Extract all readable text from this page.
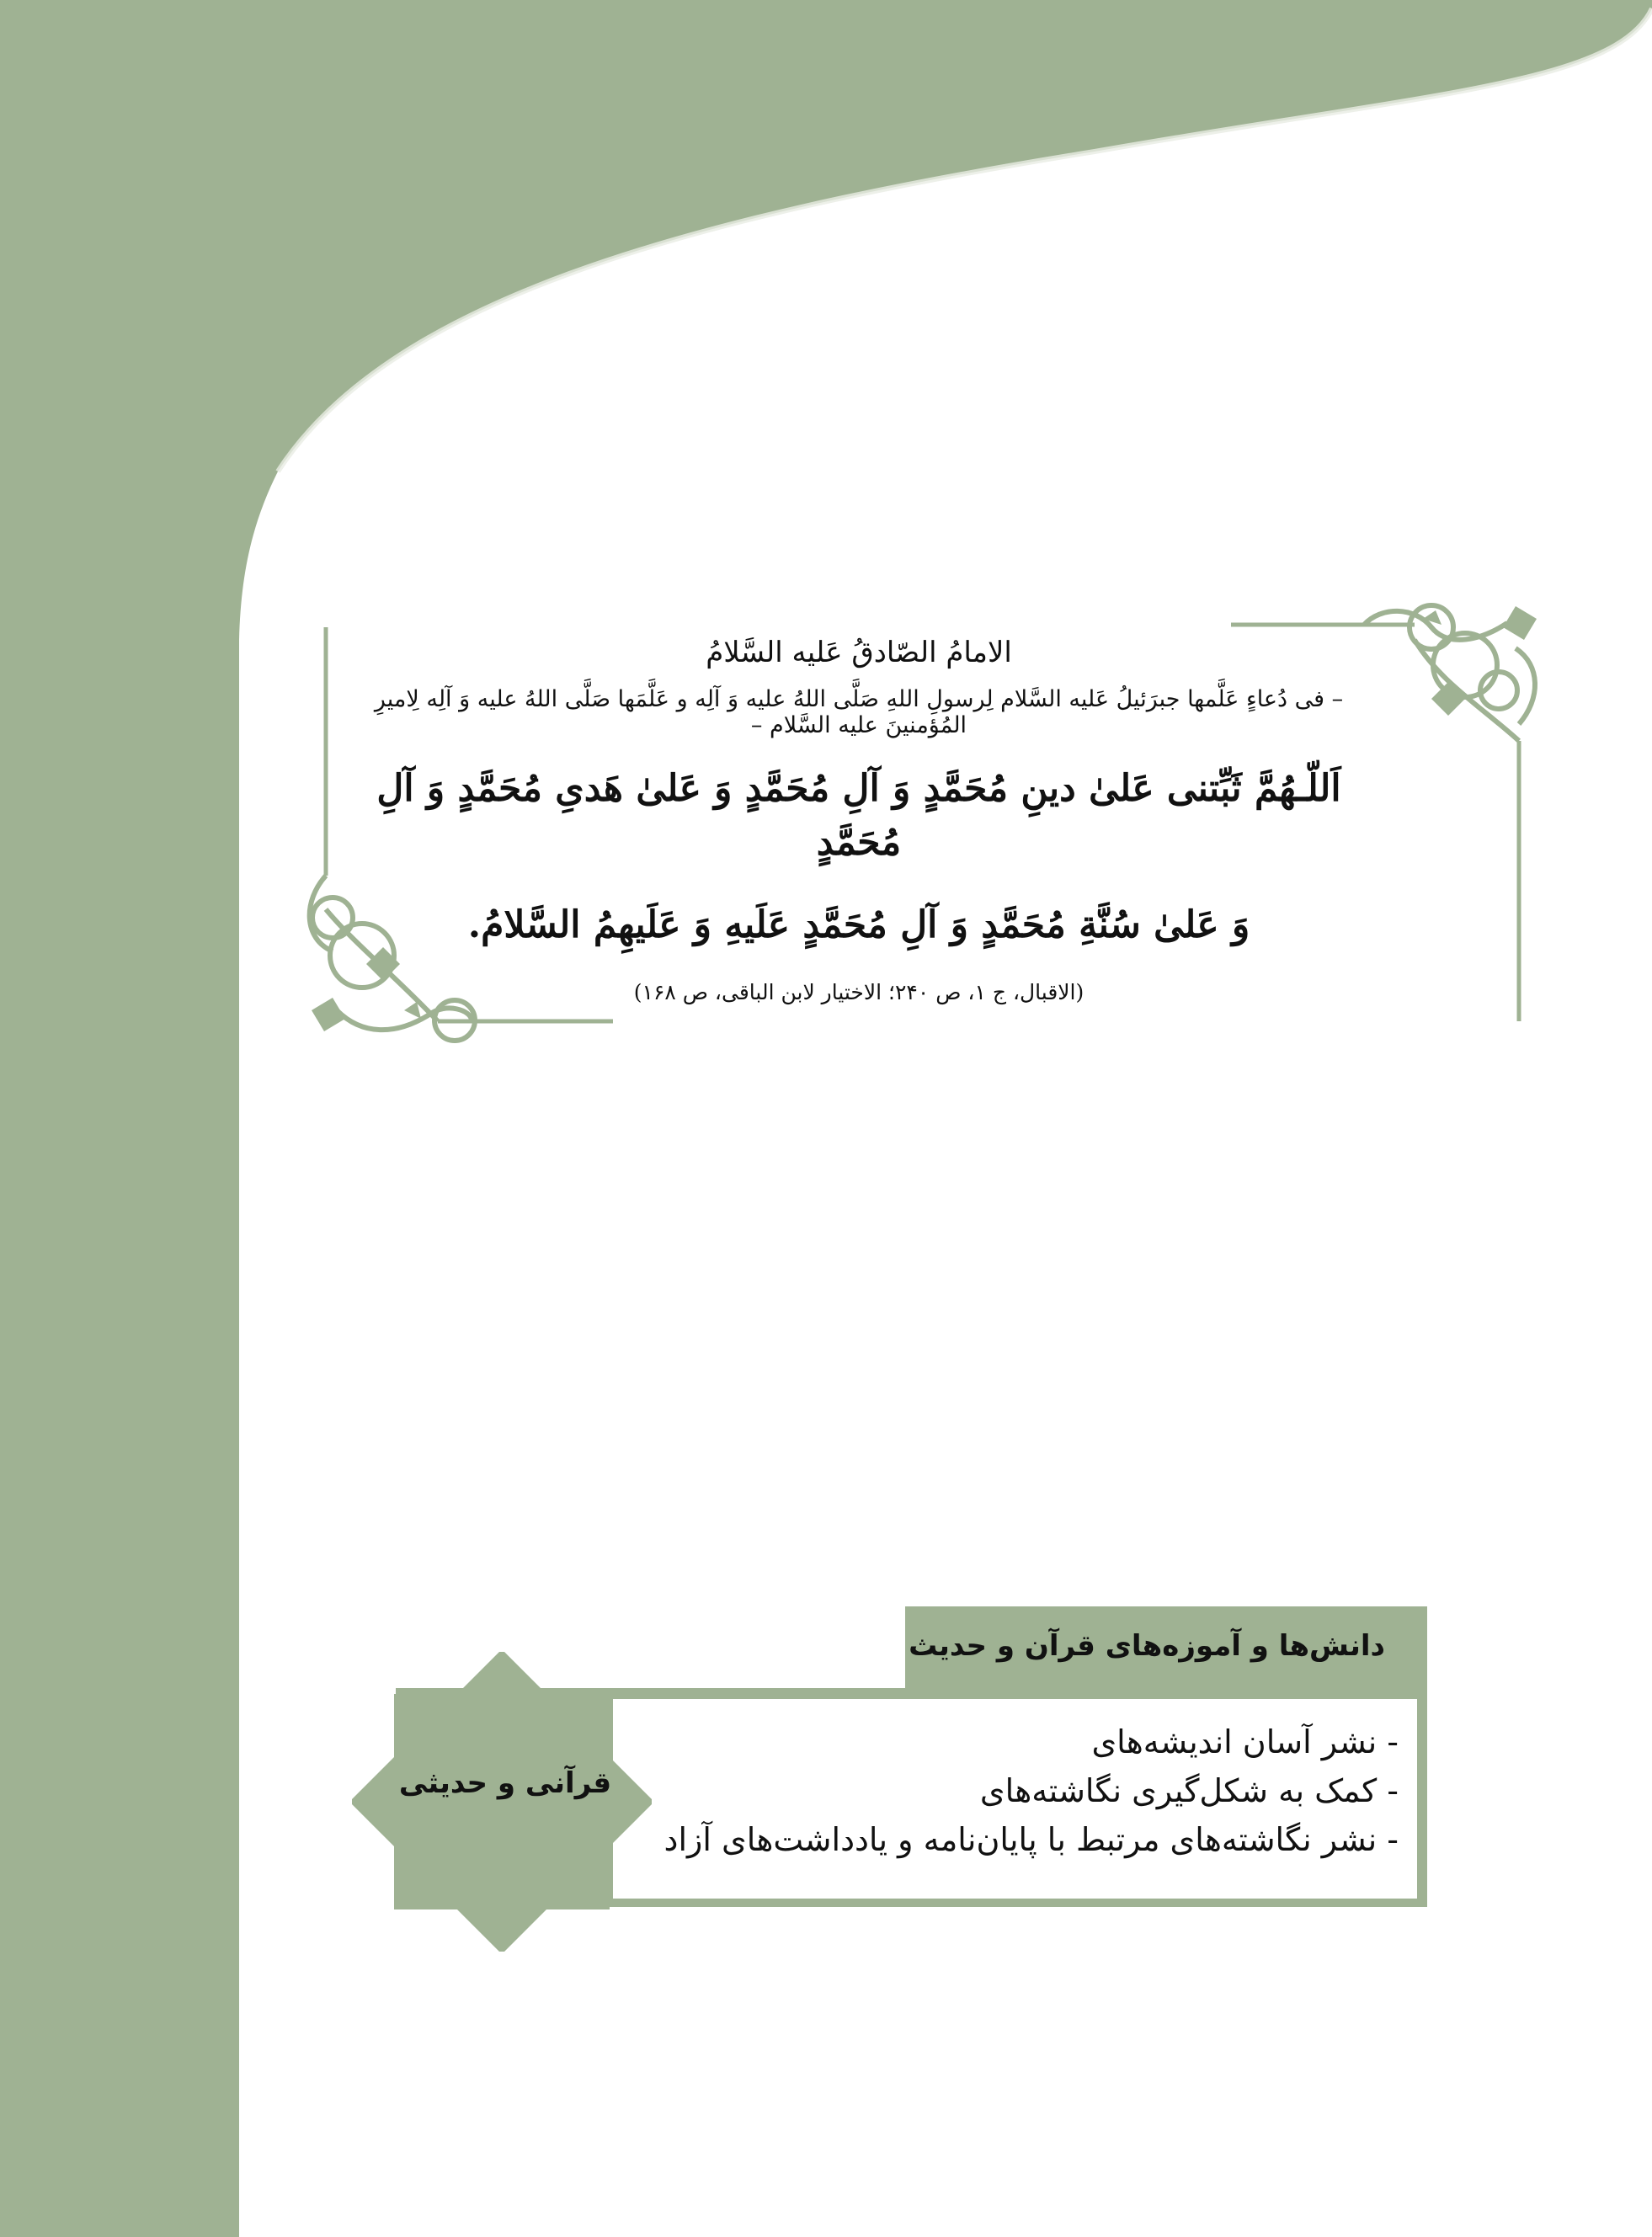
الامامُ الصّادقُ عَلیه السَّلامُ
– فی دُعاءٍ عَلَّمها جبرَئیلُ عَلیه السَّلام لِرسولِ اللهِ صَلَّی اللهُ علیه وَ آلِه و عَلَّمَها صَلَّی اللهُ علیه وَ آلِه لِامیرِ المُؤمنینَ علیه السَّلام –
اَللّـهُمَّ ثَبِّتنی عَلیٰ دینِ مُحَمَّدٍ وَ آلِ مُحَمَّدٍ وَ عَلیٰ هَدیِ مُحَمَّدٍ وَ آلِ مُحَمَّدٍ
وَ عَلیٰ سُنَّةِ مُحَمَّدٍ وَ آلِ مُحَمَّدٍ عَلَیهِ وَ عَلَیهِمُ السَّلامُ.
(الاقبال، ج ۱، ص ۲۴۰؛ الاختیار لابن الباقی، ص ۱۶۸)
دانش‌ها و آموزه‌های قرآن و حدیث
- نشر آسان اندیشه‌های
- کمک به شکل‌گیری نگاشته‌های
- نشر نگاشته‌های مرتبط با پایان‌نامه و یادداشت‌های آزاد
قرآنی و حدیثی
